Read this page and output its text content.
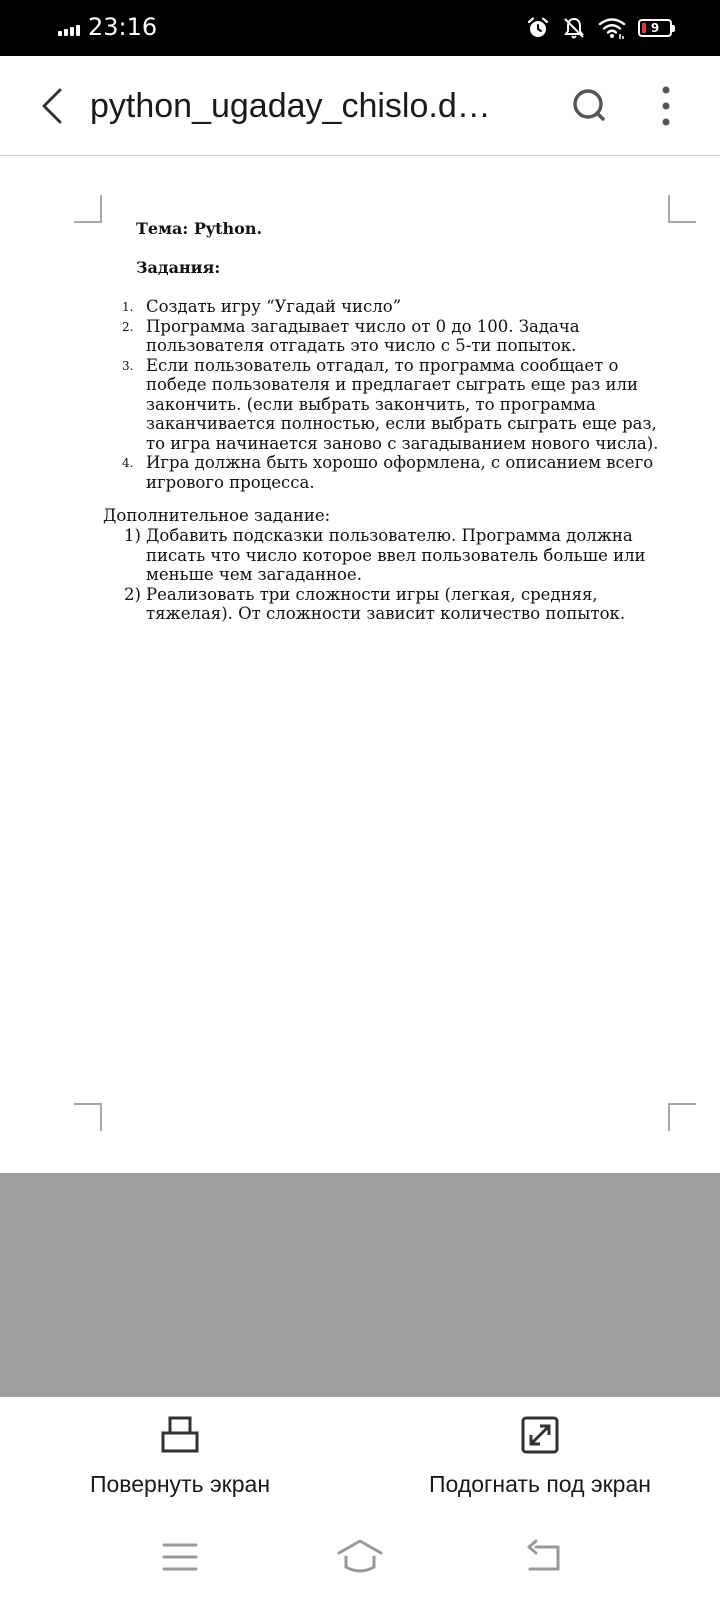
23:16	9
python_ugaday_chislo.d…
Тема: Python.
Задания:
1. Создать игру “Угадай число”
2. Программа загадывает число от 0 до 100. Задача пользователя отгадать это число с 5-ти попыток.
3. Если пользователь отгадал, то программа сообщает о победе пользователя и предлагает сыграть еще раз или закончить. (если выбрать закончить, то программа заканчивается полностью, если выбрать сыграть еще раз, то игра начинается заново с загадыванием нового числа).
4. Игра должна быть хорошо оформлена, с описанием всего игрового процесса.
Дополнительное задание:
1) Добавить подсказки пользователю. Программа должна писать что число которое ввел пользователь больше или меньше чем загаданное.
2) Реализовать три сложности игры (легкая, средняя, тяжелая). От сложности зависит количество попыток.
Повернуть экран	Подогнать под экран
